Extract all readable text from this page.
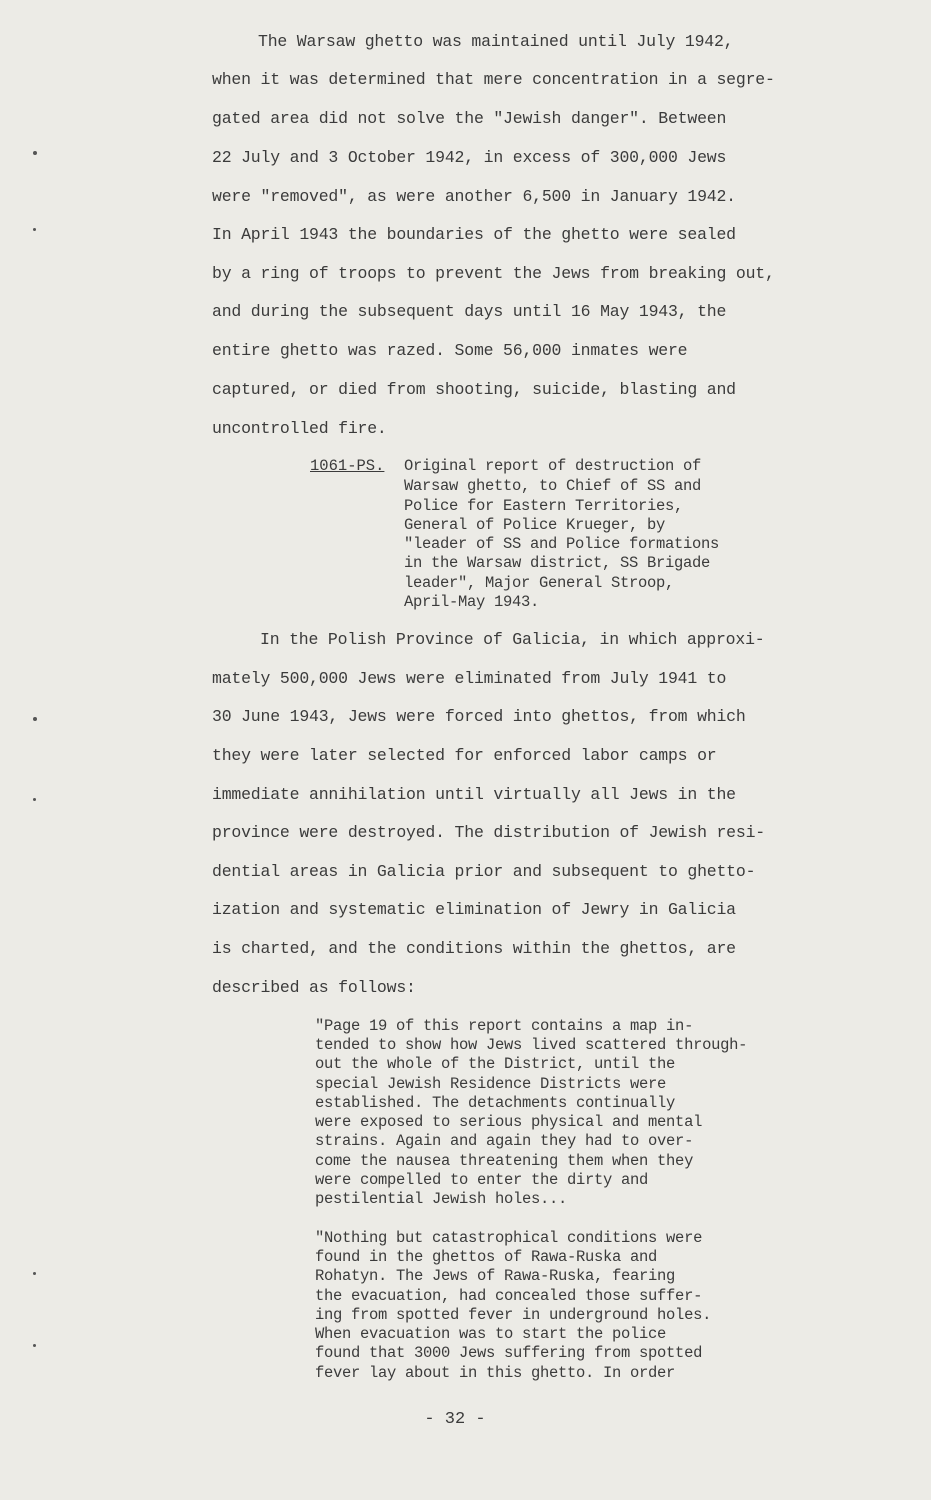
The Warsaw ghetto was maintained until July 1942,
when it was determined that mere concentration in a segre-
gated area did not solve the "Jewish danger". Between
22 July and 3 October 1942, in excess of 300,000 Jews
were "removed", as were another 6,500 in January 1942.
In April 1943 the boundaries of the ghetto were sealed
by a ring of troops to prevent the Jews from breaking out,
and during the subsequent days until 16 May 1943, the
entire ghetto was razed. Some 56,000 inmates were
captured, or died from shooting, suicide, blasting and
uncontrolled fire.
1061-PS. Original report of destruction of
Warsaw ghetto, to Chief of SS and
Police for Eastern Territories,
General of Police Krueger, by
"leader of SS and Police formations
in the Warsaw district, SS Brigade
leader", Major General Stroop,
April-May 1943.
In the Polish Province of Galicia, in which approxi-
mately 500,000 Jews were eliminated from July 1941 to
30 June 1943, Jews were forced into ghettos, from which
they were later selected for enforced labor camps or
immediate annihilation until virtually all Jews in the
province were destroyed. The distribution of Jewish resi-
dential areas in Galicia prior and subsequent to ghetto-
ization and systematic elimination of Jewry in Galicia
is charted, and the conditions within the ghettos, are
described as follows:
"Page 19 of this report contains a map in-
tended to show how Jews lived scattered through-
out the whole of the District, until the
special Jewish Residence Districts were
established. The detachments continually
were exposed to serious physical and mental
strains. Again and again they had to over-
come the nausea threatening them when they
were compelled to enter the dirty and
pestilential Jewish holes...
"Nothing but catastrophical conditions were
found in the ghettos of Rawa-Ruska and
Rohatyn. The Jews of Rawa-Ruska, fearing
the evacuation, had concealed those suffer-
ing from spotted fever in underground holes.
When evacuation was to start the police
found that 3000 Jews suffering from spotted
fever lay about in this ghetto. In order
- 32 -
